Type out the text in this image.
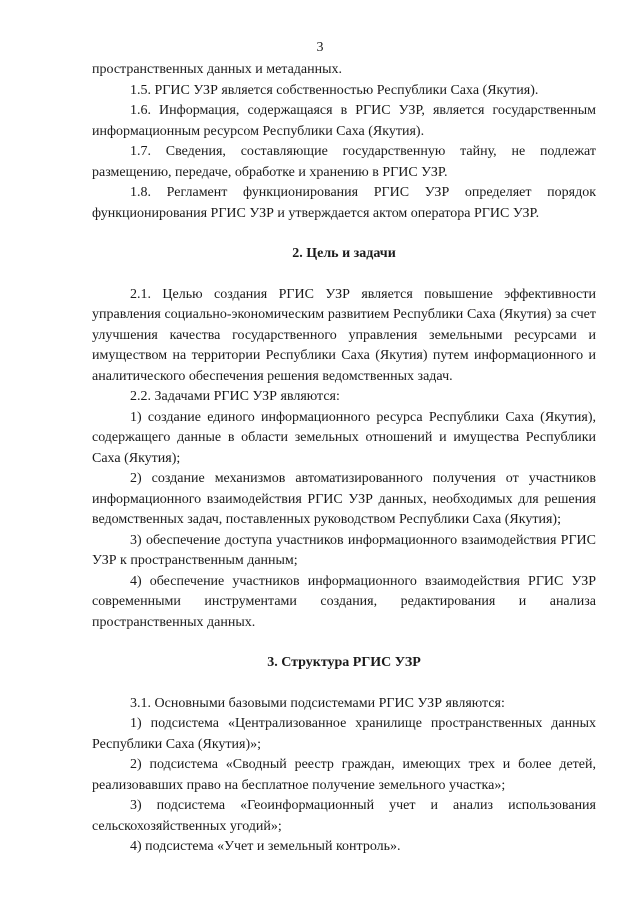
3

пространственных данных и метаданных.

1.5. РГИС УЗР является собственностью Республики Саха (Якутия).

1.6. Информация, содержащаяся в РГИС УЗР, является государственным информационным ресурсом Республики Саха (Якутия).

1.7. Сведения, составляющие государственную тайну, не подлежат размещению, передаче, обработке и хранению в РГИС УЗР.

1.8. Регламент функционирования РГИС УЗР определяет порядок функционирования РГИС УЗР и утверждается актом оператора РГИС УЗР.

2. Цель и задачи

2.1. Целью создания РГИС УЗР является повышение эффективности управления социально-экономическим развитием Республики Саха (Якутия) за счет улучшения качества государственного управления земельными ресурсами и имуществом на территории Республики Саха (Якутия) путем информационного и аналитического обеспечения решения ведомственных задач.

2.2. Задачами РГИС УЗР являются:

1) создание единого информационного ресурса Республики Саха (Якутия), содержащего данные в области земельных отношений и имущества Республики Саха (Якутия);

2) создание механизмов автоматизированного получения от участников информационного взаимодействия РГИС УЗР данных, необходимых для решения ведомственных задач, поставленных руководством Республики Саха (Якутия);

3) обеспечение доступа участников информационного взаимодействия РГИС УЗР к пространственным данным;

4) обеспечение участников информационного взаимодействия РГИС УЗР современными инструментами создания, редактирования и анализа пространственных данных.

3. Структура РГИС УЗР

3.1. Основными базовыми подсистемами РГИС УЗР являются:

1) подсистема «Централизованное хранилище пространственных данных Республики Саха (Якутия)»;

2) подсистема «Сводный реестр граждан, имеющих трех и более детей, реализовавших право на бесплатное получение земельного участка»;

3) подсистема «Геоинформационный учет и анализ использования сельскохозяйственных угодий»;

4) подсистема «Учет и земельный контроль».
